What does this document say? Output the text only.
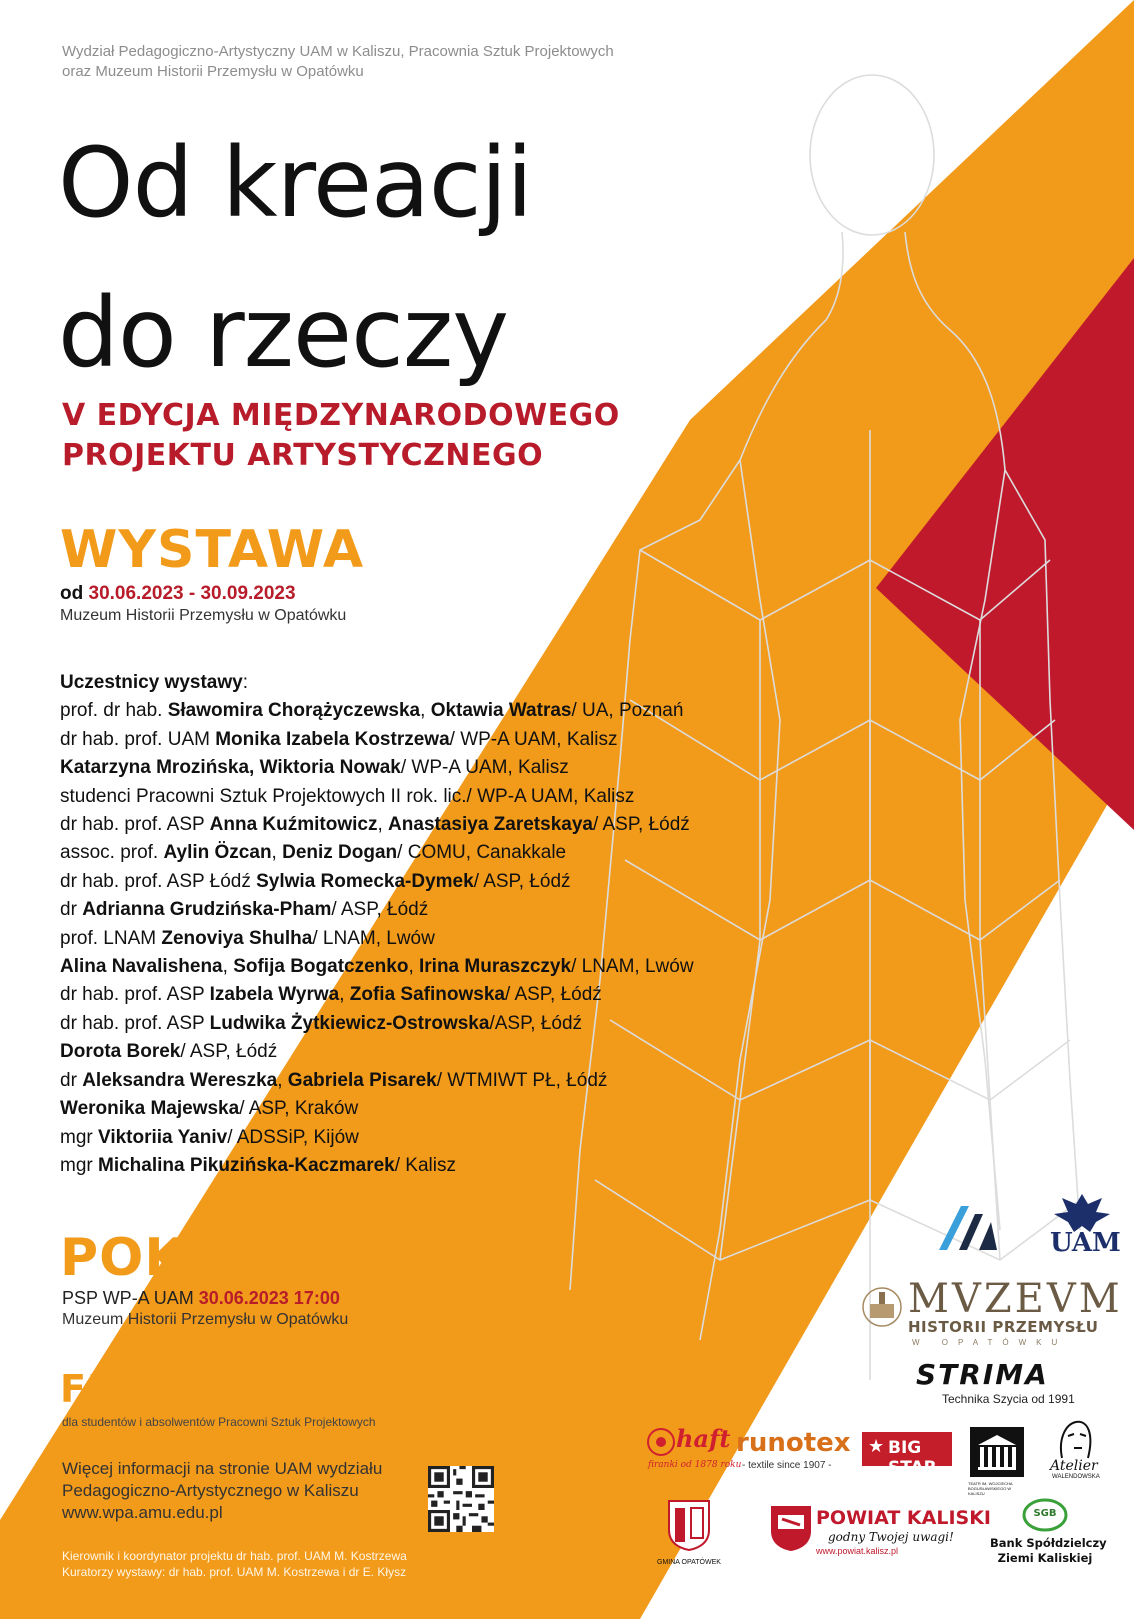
Wydział Pedagogiczno-Artystyczny UAM w Kaliszu, Pracownia Sztuk Projektowych
oraz Muzeum Historii Przemysłu w Opatówku
Od kreacji
do rzeczy
V EDYCJA MIĘDZYNARODOWEGO
PROJEKTU ARTYSTYCZNEGO
WYSTAWA
od 30.06.2023 - 30.09.2023
Muzeum Historii Przemysłu w Opatówku
Uczestnicy wystawy:
prof. dr hab. Sławomira Chorążyczewska, Oktawia Watras/ UA, Poznań
dr hab. prof. UAM Monika Izabela Kostrzewa/ WP-A UAM, Kalisz
Katarzyna Mrozińska, Wiktoria Nowak/ WP-A UAM, Kalisz
studenci Pracowni Sztuk Projektowych II rok. lic./ WP-A UAM, Kalisz
dr hab. prof. ASP Anna Kuźmitowicz, Anastasiya Zaretskaya/ ASP, Łódź
assoc. prof. Aylin Özcan, Deniz Dogan/ COMU, Canakkale
dr hab. prof. ASP Łódź Sylwia Romecka-Dymek/ ASP, Łódź
dr Adrianna Grudzińska-Pham/ ASP, Łódź
prof. LNAM Zenoviya Shulha/ LNAM, Lwów
Alina Navalishena, Sofija Bogatczenko, Irina Muraszczyk/ LNAM, Lwów
dr hab. prof. ASP Izabela Wyrwa, Zofia Safinowska/ ASP, Łódź
dr hab. prof. ASP Ludwika Żytkiewicz-Ostrowska/ASP, Łódź
Dorota Borek/ ASP, Łódź
dr Aleksandra Wereszka, Gabriela Pisarek/ WTMIWT PŁ, Łódź
Weronika Majewska/ ASP, Kraków
mgr Viktoriia Yaniv/ ADSSiP, Kijów
mgr Michalina Pikuzińska-Kaczmarek/ Kalisz
POKAZ
PSP WP-A UAM 30.06.2023 17:00
Muzeum Historii Przemysłu w Opatówku
FINAŁ KONKURSU
dla studentów i absolwentów Pracowni Sztuk Projektowych
Więcej informacji na stronie UAM wydziału
Pedagogiczno-Artystycznego w Kaliszu
www.wpa.amu.edu.pl
Kierownik i koordynator projektu dr hab. prof. UAM M. Kostrzewa
Kuratorzy wystawy: dr hab. prof. UAM M. Kostrzewa i dr E. Kłysz
UAM
MVZEVM
HISTORII PRZEMYSŁU
W OPATÓWKU
STRIMA
Technika Szycia od 1991
haft
firanki od 1878 roku
runotex
- textile since 1907 -
★ BIG STAR
TEATR IM. WOJCIECHA BOGUSŁAWSKIEGO W KALISZU
Atelier
WALENDOWSKA
GMINA OPATÓWEK
POWIAT KALISKI
godny Twojej uwagi!
www.powiat.kalisz.pl
SGB
Bank Spółdzielczy
Ziemi Kaliskiej
